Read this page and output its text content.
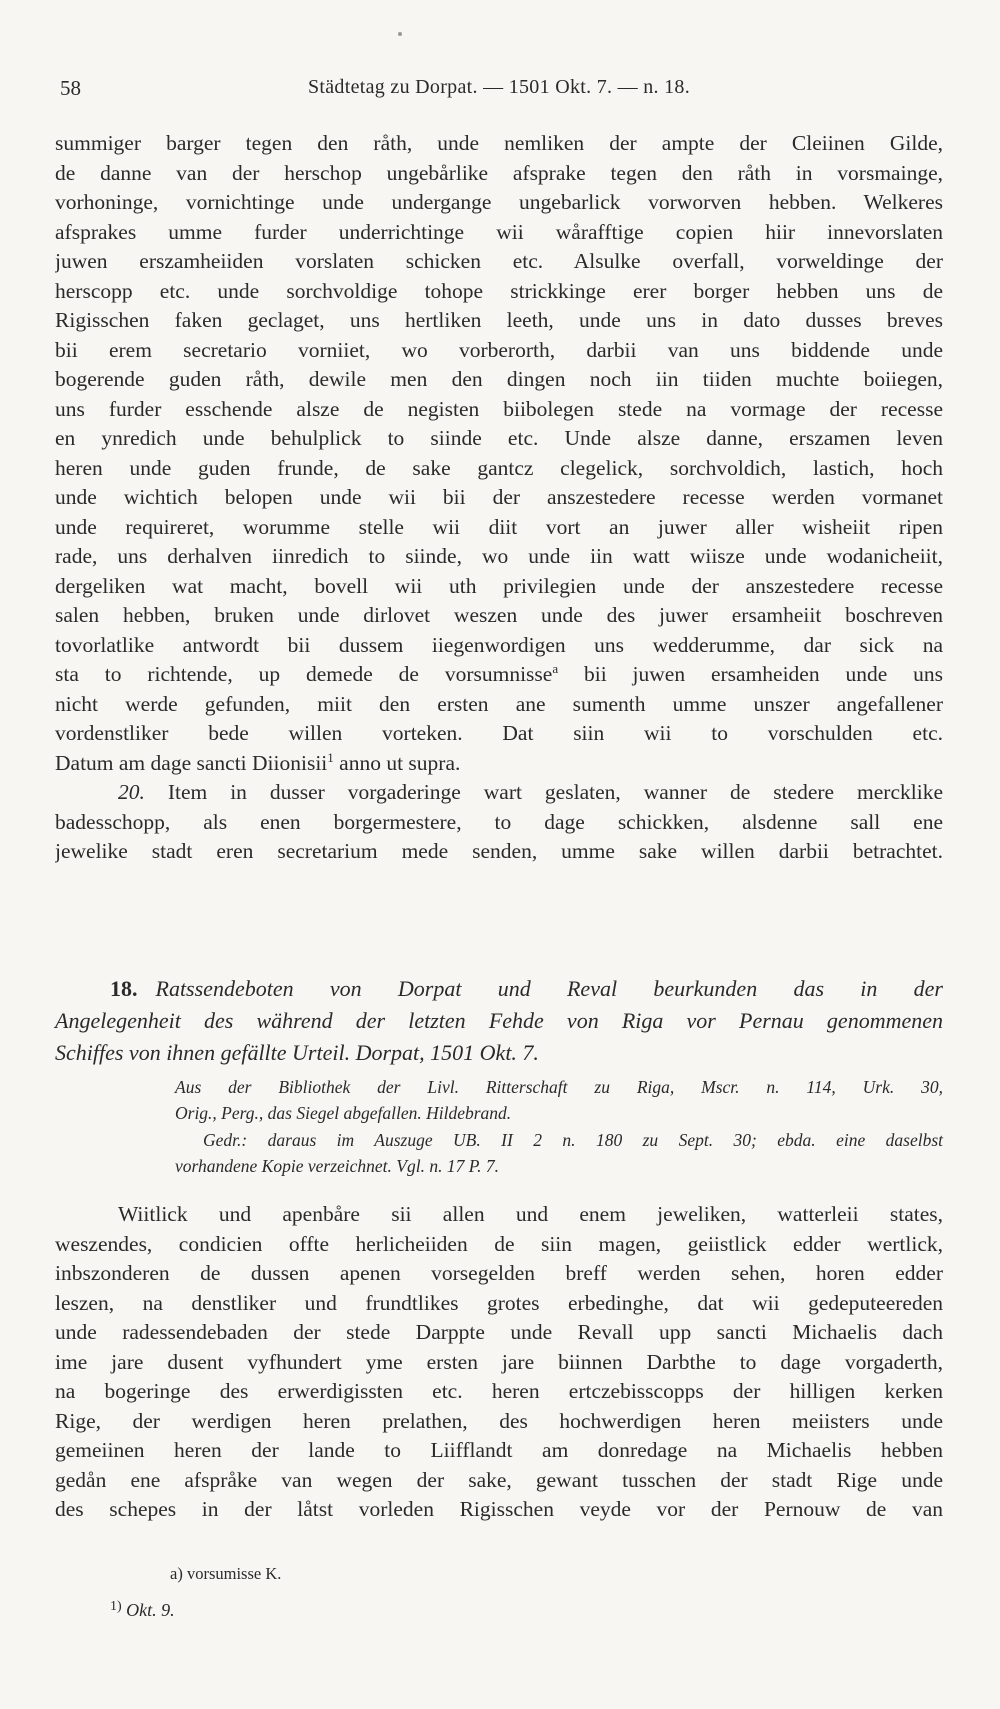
58	Städtetag zu Dorpat. — 1501 Okt. 7. — n. 18.
summiger barger tegen den råth, unde nemliken der ampte der Cleiinen Gilde,
de danne van der herschop ungebårlike afsprake tegen den råth in vorsmainge,
vorhoninge, vornichtinge unde undergange ungebarlick vorworven hebben. Welkeres
afsprakes umme furder underrichtinge wii wårafftige copien hiir innevorslaten
juwen erszamheiiden vorslaten schicken etc. Alsulke overfall, vorweldinge der
herscopp etc. unde sorchvoldige tohope strickkinge erer borger hebben uns de
Rigisschen faken geclaget, uns hertliken leeth, unde uns in dato dusses breves
bii erem secretario vorniiet, wo vorberorth, darbii van uns biddende unde
bogerende guden råth, dewile men den dingen noch iin tiiden muchte boiiegen,
uns furder esschende alsze de negisten biibolegen stede na vormage der recesse
en ynredich unde behulplick to siinde etc. Unde alsze danne, erszamen leven
heren unde guden frunde, de sake gantcz clegelick, sorchvoldich, lastich, hoch
unde wichtich belopen unde wii bii der anszestedere recesse werden vormanet
unde requireret, worumme stelle wii diit vort an juwer aller wisheiit ripen
rade, uns derhalven iinredich to siinde, wo unde iin watt wiisze unde wodanicheiit,
dergeliken wat macht, bovell wii uth privilegien unde der anszestedere recesse
salen hebben, bruken unde dirlovet weszen unde des juwer ersamheiit boschreven
tovorlatlike antwordt bii dussem iiegenwordigen uns wedderumme, dar sick na
sta to richtende, up demede de vorsumnisse$^a$ bii juwen ersamheiden unde uns
nicht werde gefunden, miit den ersten ane sumenth umme unszer angefallener
vordenstliker bede willen vorteken. Dat siin wii to vorschulden etc.
Datum am dage sancti Diionisii$^1$ anno ut supra.
20. Item in dusser vorgaderinge wart geslaten, wanner de stedere mercklike
badesschopp, als enen borgermestere, to dage schickken, alsdenne sall ene
jewelike stadt eren secretarium mede senden, umme sake willen darbii betrachtet.
18. Ratssendeboten von Dorpat und Reval beurkunden das in der
Angelegenheit des während der letzten Fehde von Riga vor Pernau genommenen
Schiffes von ihnen gefällte Urteil. Dorpat, 1501 Okt. 7.
Aus der Bibliothek der Livl. Ritterschaft zu Riga, Mscr. n. 114, Urk. 30,
Orig., Perg., das Siegel abgefallen. Hildebrand.
Gedr.: daraus im Auszuge UB. II 2 n. 180 zu Sept. 30; ebda. eine daselbst
vorhandene Kopie verzeichnet. Vgl. n. 17 P. 7.
Wiitlick und apenbåre sii allen und enem jeweliken, watterleii states,
weszendes, condicien offte herlicheiiden de siin magen, geiistlick edder wertlick,
inbszonderen de dussen apenen vorsegelden breff werden sehen, horen edder
leszen, na denstliker und frundtlikes grotes erbedinghe, dat wii gedeputeereden
unde radessendebaden der stede Darppte unde Revall upp sancti Michaelis dach
ime jare dusent vyfhundert yme ersten jare biinnen Darbthe to dage vorgaderth,
na bogeringe des erwerdigissten etc. heren ertczebisscopps der hilligen kerken
Rige, der werdigen heren prelathen, des hochwerdigen heren meiisters unde
gemeiinen heren der lande to Liifflandt am donredage na Michaelis hebben
gedån ene afspråke van wegen der sake, gewant tusschen der stadt Rige unde
des schepes in der låtst vorleden Rigisschen veyde vor der Pernouw de van
a) vorsumisse K.
$^{1)}$ Okt. 9.
